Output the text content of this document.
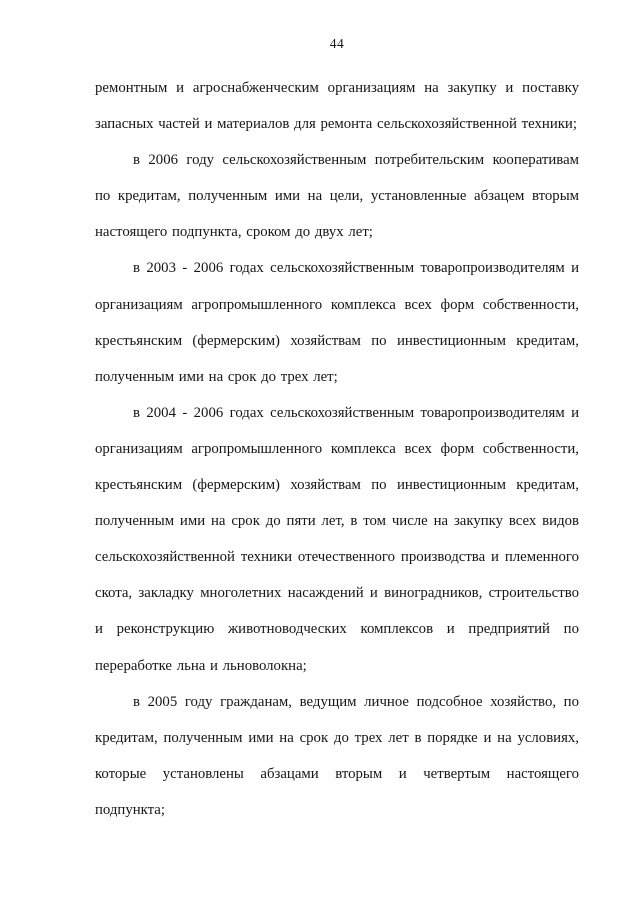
44
ремонтным и агроснабженческим организациям на закупку и поставку
запасных частей и материалов для ремонта сельскохозяйственной техники;
в 2006 году сельскохозяйственным потребительским кооперативам
по кредитам, полученным ими на цели, установленные абзацем вторым
настоящего подпункта, сроком до двух лет;
в 2003 - 2006 годах сельскохозяйственным товаропроизводителям и
организациям агропромышленного комплекса всех форм собственности,
крестьянским (фермерским) хозяйствам по инвестиционным кредитам,
полученным ими на срок до трех лет;
в 2004 - 2006 годах сельскохозяйственным товаропроизводителям и
организациям агропромышленного комплекса всех форм собственности,
крестьянским (фермерским) хозяйствам по инвестиционным кредитам,
полученным ими на срок до пяти лет, в том числе на закупку всех видов
сельскохозяйственной техники отечественного производства и племенного
скота, закладку многолетних насаждений и виноградников, строительство
и реконструкцию животноводческих комплексов и предприятий по
переработке льна и льноволокна;
в 2005 году гражданам, ведущим личное подсобное хозяйство, по
кредитам, полученным ими на срок до трех лет в порядке и на условиях,
которые установлены абзацами вторым и четвертым настоящего
подпункта;
